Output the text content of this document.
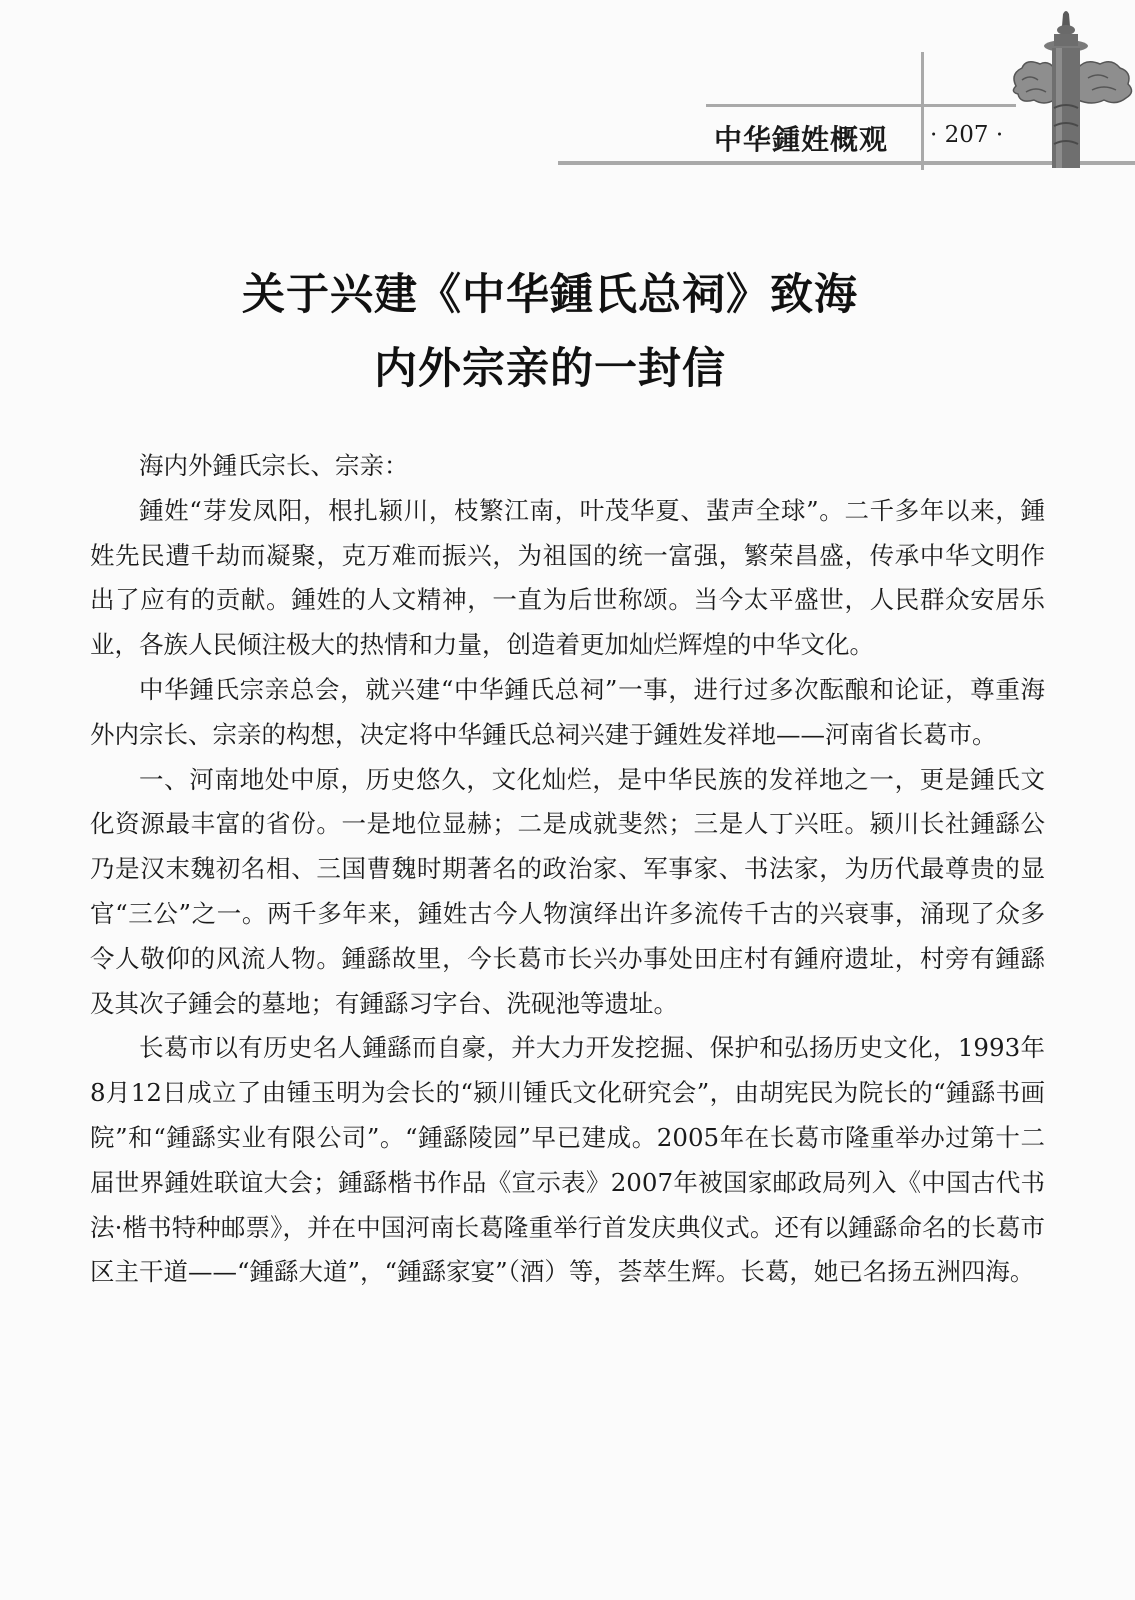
中华鍾姓概观	· 207 ·
关于兴建《中华鍾氏总祠》致海
内外宗亲的一封信

海内外鍾氏宗长、宗亲：

鍾姓“芽发凤阳，根扎颍川，枝繁江南，叶茂华夏、蜚声全球”。二千多年以来，鍾姓先民遭千劫而凝聚，克万难而振兴，为祖国的统一富强，繁荣昌盛，传承中华文明作出了应有的贡献。鍾姓的人文精神，一直为后世称颂。当今太平盛世，人民群众安居乐业，各族人民倾注极大的热情和力量，创造着更加灿烂辉煌的中华文化。

中华鍾氏宗亲总会，就兴建“中华鍾氏总祠”一事，进行过多次酝酿和论证，尊重海外内宗长、宗亲的构想，决定将中华鍾氏总祠兴建于鍾姓发祥地——河南省长葛市。

一、河南地处中原，历史悠久，文化灿烂，是中华民族的发祥地之一，更是鍾氏文化资源最丰富的省份。一是地位显赫；二是成就斐然；三是人丁兴旺。颍川长社鍾繇公乃是汉末魏初名相、三国曹魏时期著名的政治家、军事家、书法家，为历代最尊贵的显官“三公”之一。两千多年来，鍾姓古今人物演绎出许多流传千古的兴衰事，涌现了众多令人敬仰的风流人物。鍾繇故里，今长葛市长兴办事处田庄村有鍾府遗址，村旁有鍾繇及其次子鍾会的墓地；有鍾繇习字台、洗砚池等遗址。

长葛市以有历史名人鍾繇而自豪，并大力开发挖掘、保护和弘扬历史文化，1993年8月12日成立了由锺玉明为会长的“颍川锺氏文化研究会”，由胡宪民为院长的“鍾繇书画院”和“鍾繇实业有限公司”。“鍾繇陵园”早已建成。2005年在长葛市隆重举办过第十二届世界鍾姓联谊大会；鍾繇楷书作品《宣示表》2007年被国家邮政局列入《中国古代书法·楷书特种邮票》，并在中国河南长葛隆重举行首发庆典仪式。还有以鍾繇命名的长葛市区主干道——“鍾繇大道”，“鍾繇家宴”（酒）等，荟萃生辉。长葛，她已名扬五洲四海。
